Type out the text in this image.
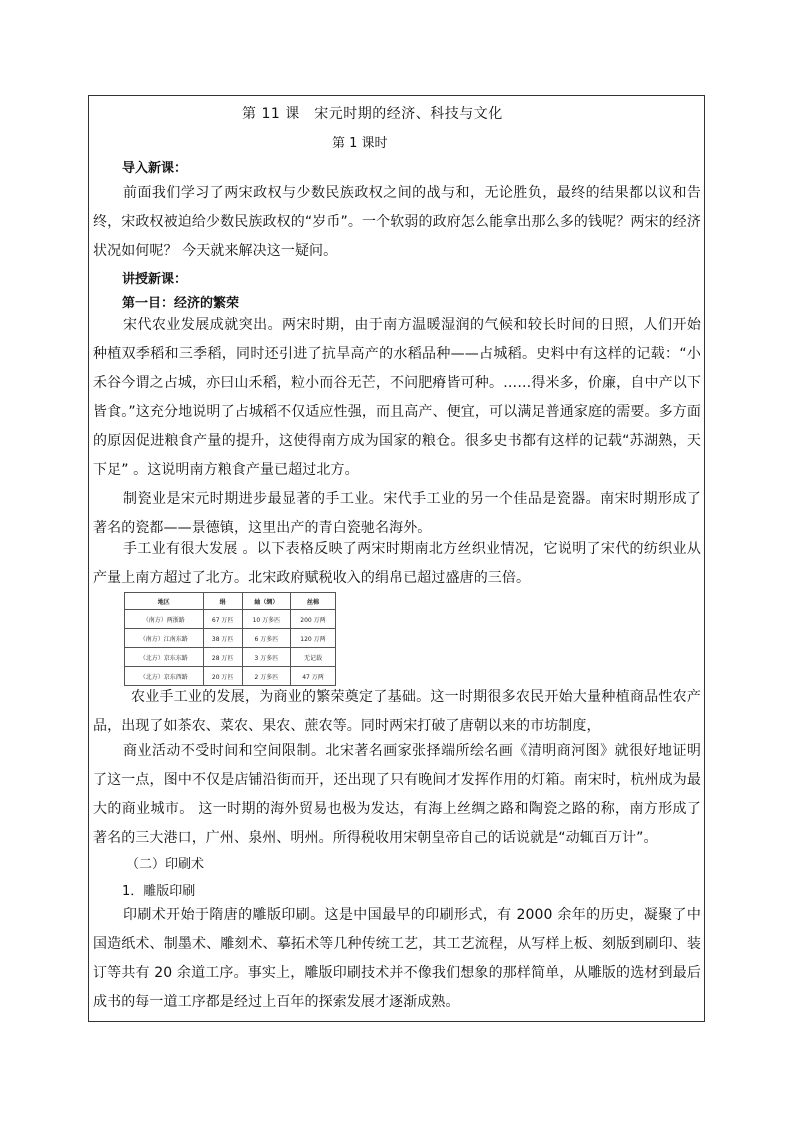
第 11 课　宋元时期的经济、科技与文化
第 1 课时
导入新课：

前面我们学习了两宋政权与少数民族政权之间的战与和，无论胜负，最终的结果都以议和告终，宋政权被迫给少数民族政权的“岁币”。一个软弱的政府怎么能拿出那么多的钱呢？两宋的经济状况如何呢？ 今天就来解决这一疑问。

讲授新课：
第一目：经济的繁荣

宋代农业发展成就突出。两宋时期，由于南方温暖湿润的气候和较长时间的日照，人们开始种植双季稻和三季稻，同时还引进了抗旱高产的水稻品种——占城稻。史料中有这样的记载：“小禾谷今谓之占城，亦曰山禾稻，粒小而谷无芒，不问肥瘠皆可种。……得米多，价廉，自中产以下皆食。”这充分地说明了占城稻不仅适应性强，而且高产、便宜，可以满足普通家庭的需要。多方面的原因促进粮食产量的提升，这使得南方成为国家的粮仓。很多史书都有这样的记载“苏湖熟，天下足” 。这说明南方粮食产量已超过北方。

制瓷业是宋元时期进步最显著的手工业。宋代手工业的另一个佳品是瓷器。南宋时期形成了著名的瓷都——景德镇，这里出产的青白瓷驰名海外。

手工业有很大发展 。以下表格反映了两宋时期南北方丝织业情况，它说明了宋代的纺织业从产量上南方超过了北方。北宋政府赋税收入的绢帛已超过盛唐的三倍。

地区	绢	紬（绸）	丝棉
（南方）两浙路	67 万匹	10 万多匹	200 万两
（南方）江南东路	38 万匹	6 万多匹	120 万两
（北方）京东东路	28 万匹	3 万多匹	无记载
（北方）京东西路	20 万匹	2 万多匹	47 万两

农业手工业的发展，为商业的繁荣奠定了基础。这一时期很多农民开始大量种植商品性农产品，出现了如茶农、菜农、果农、蔗农等。同时两宋打破了唐朝以来的市坊制度，

商业活动不受时间和空间限制。北宋著名画家张择端所绘名画《清明商河图》就很好地证明了这一点，图中不仅是店铺沿街而开，还出现了只有晚间才发挥作用的灯箱。南宋时，杭州成为最大的商业城市。 这一时期的海外贸易也极为发达，有海上丝绸之路和陶瓷之路的称，南方形成了著名的三大港口，广州、泉州、明州。所得税收用宋朝皇帝自己的话说就是“动辄百万计”。

（二）印刷术
1．雕版印刷

印刷术开始于隋唐的雕版印刷。这是中国最早的印刷形式，有 2000 余年的历史，凝聚了中国造纸术、制墨术、雕刻术、摹拓术等几种传统工艺，其工艺流程，从写样上板、刻版到刷印、装订等共有 20 余道工序。事实上，雕版印刷技术并不像我们想象的那样简单，从雕版的选材到最后成书的每一道工序都是经过上百年的探索发展才逐渐成熟。
